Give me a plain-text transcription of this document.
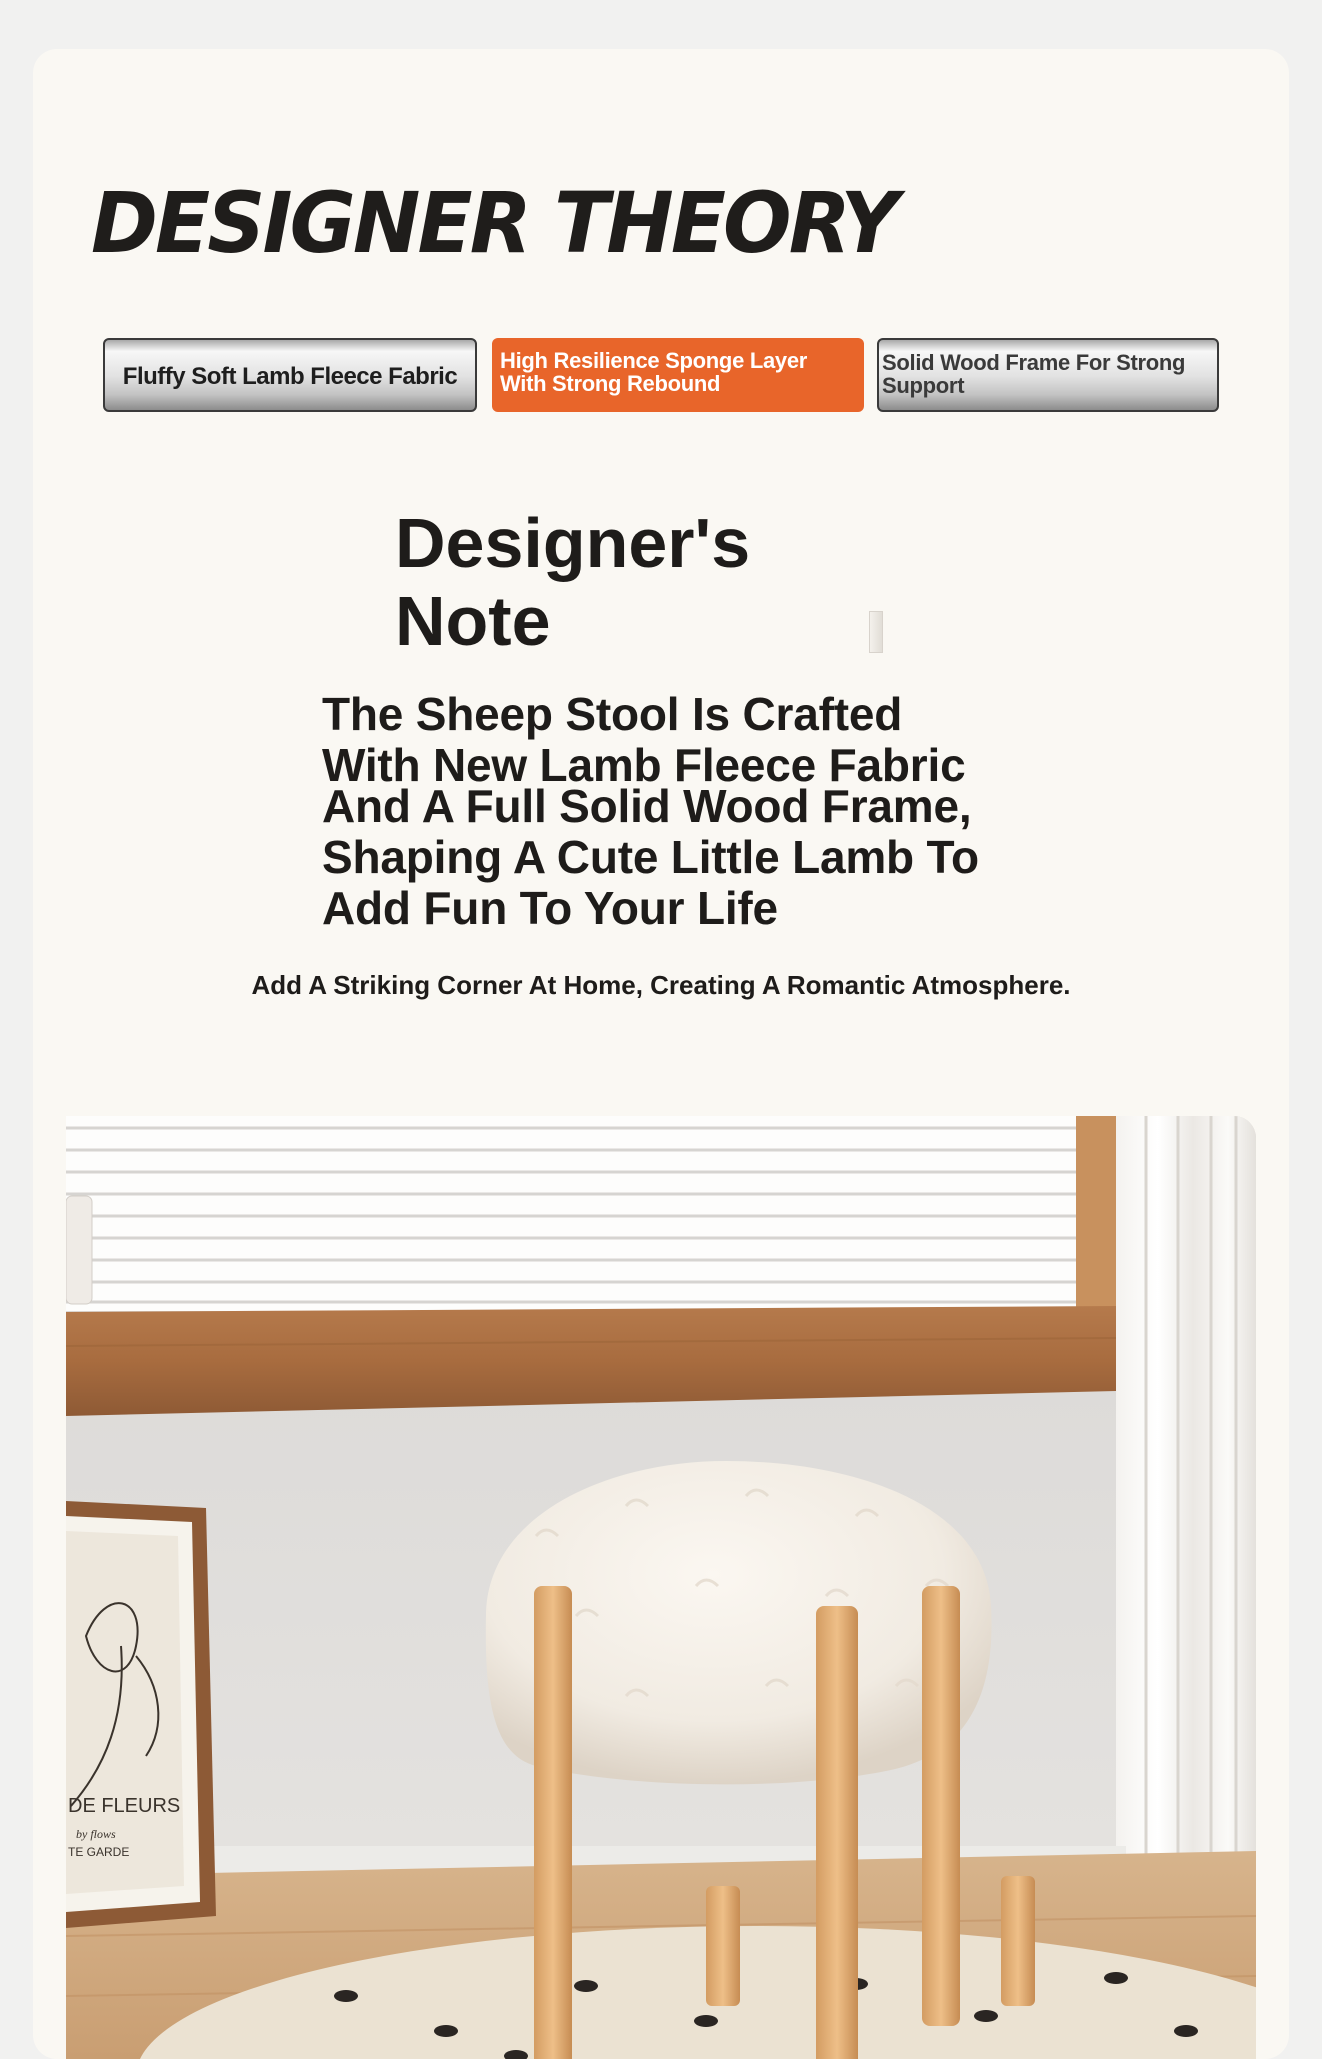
DESIGNER THEORY
Fluffy Soft Lamb Fleece Fabric
High Resilience Sponge Layer With Strong Rebound
Solid Wood Frame For Strong Support
Designer's Note
The Sheep Stool Is Crafted
With New Lamb Fleece Fabric
And A Full Solid Wood Frame,
Shaping A Cute Little Lamb To
Add Fun To Your Life
Add A Striking Corner At Home, Creating A Romantic Atmosphere.
DE FLEURS
by flows
TE GARDE
